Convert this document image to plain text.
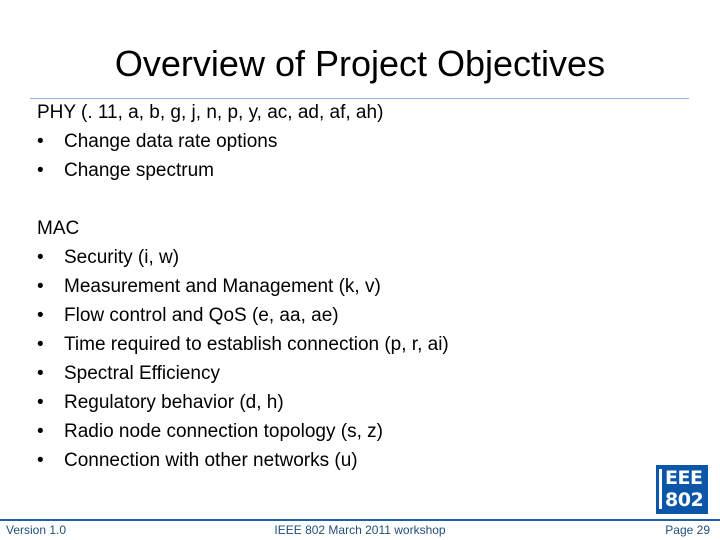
Overview of Project Objectives
PHY (. 11, a, b, g, j, n, p, y, ac, ad, af, ah)
• Change data rate options
• Change spectrum
MAC
• Security (i, w)
• Measurement and Management (k, v)
• Flow control and QoS (e, aa, ae)
• Time required to establish connection (p, r, ai)
• Spectral Efficiency
• Regulatory behavior (d, h)
• Radio node connection topology (s, z)
• Connection with other networks (u)
EEE
802
Version 1.0	IEEE 802 March 2011 workshop	Page 29
